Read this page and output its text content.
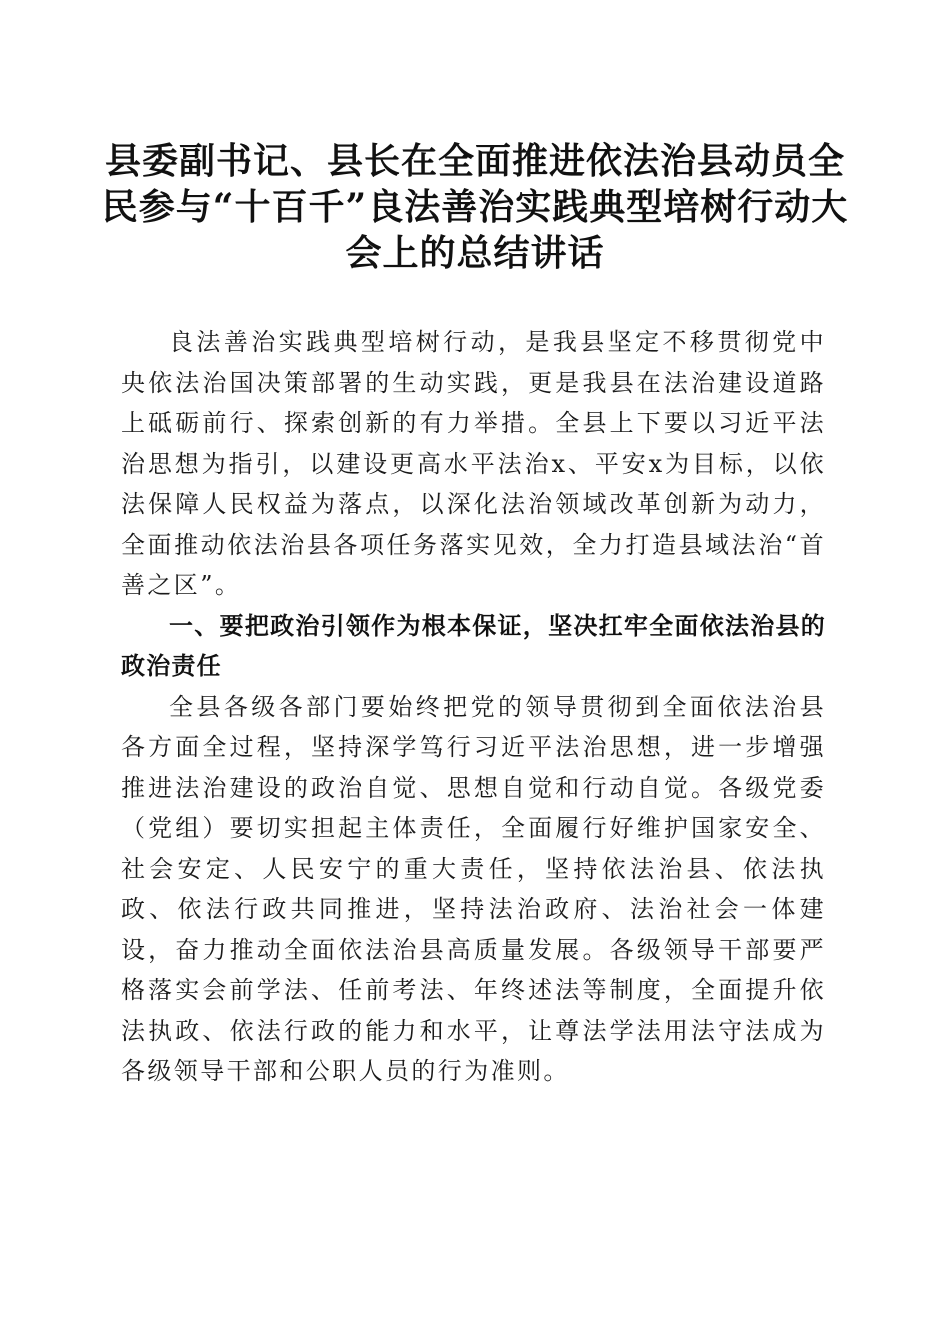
县委副书记、县长在全面推进依法治县动员全民参与“十百千”良法善治实践典型培树行动大会上的总结讲话

良法善治实践典型培树行动，是我县坚定不移贯彻党中央依法治国决策部署的生动实践，更是我县在法治建设道路上砥砺前行、探索创新的有力举措。全县上下要以习近平法治思想为指引，以建设更高水平法治x、平安x为目标，以依法保障人民权益为落点，以深化法治领域改革创新为动力，全面推动依法治县各项任务落实见效，全力打造县域法治“首善之区”。

一、要把政治引领作为根本保证，坚决扛牢全面依法治县的政治责任

全县各级各部门要始终把党的领导贯彻到全面依法治县各方面全过程，坚持深学笃行习近平法治思想，进一步增强推进法治建设的政治自觉、思想自觉和行动自觉。各级党委（党组）要切实担起主体责任，全面履行好维护国家安全、社会安定、人民安宁的重大责任，坚持依法治县、依法执政、依法行政共同推进，坚持法治政府、法治社会一体建设，奋力推动全面依法治县高质量发展。各级领导干部要严格落实会前学法、任前考法、年终述法等制度，全面提升依法执政、依法行政的能力和水平，让尊法学法用法守法成为各级领导干部和公职人员的行为准则。
